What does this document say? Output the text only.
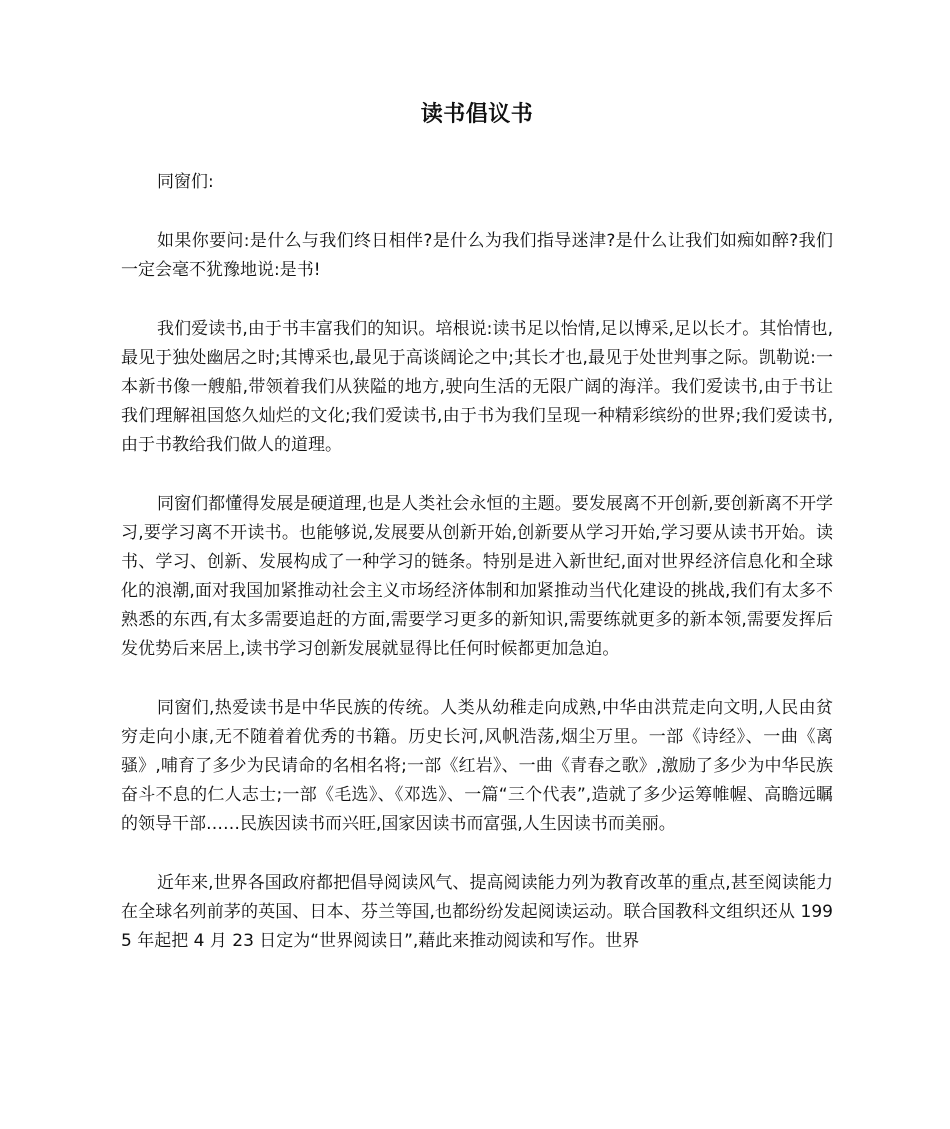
读书倡议书

同窗们:

如果你要问:是什么与我们终日相伴?是什么为我们指导迷津?是什么让我们如痴如醉?我们一定会毫不犹豫地说:是书!

我们爱读书,由于书丰富我们的知识。培根说:读书足以怡情,足以博采,足以长才。其怡情也,最见于独处幽居之时;其博采也,最见于高谈阔论之中;其长才也,最见于处世判事之际。凯勒说:一本新书像一艘船,带领着我们从狭隘的地方,驶向生活的无限广阔的海洋。我们爱读书,由于书让我们理解祖国悠久灿烂的文化;我们爱读书,由于书为我们呈现一种精彩缤纷的世界;我们爱读书,由于书教给我们做人的道理。

同窗们都懂得发展是硬道理,也是人类社会永恒的主题。要发展离不开创新,要创新离不开学习,要学习离不开读书。也能够说,发展要从创新开始,创新要从学习开始,学习要从读书开始。读书、学习、创新、发展构成了一种学习的链条。特别是进入新世纪,面对世界经济信息化和全球化的浪潮,面对我国加紧推动社会主义市场经济体制和加紧推动当代化建设的挑战,我们有太多不熟悉的东西,有太多需要追赶的方面,需要学习更多的新知识,需要练就更多的新本领,需要发挥后发优势后来居上,读书学习创新发展就显得比任何时候都更加急迫。

同窗们,热爱读书是中华民族的传统。人类从幼稚走向成熟,中华由洪荒走向文明,人民由贫穷走向小康,无不随着着优秀的书籍。历史长河,风帆浩荡,烟尘万里。一部《诗经》、一曲《离骚》,哺育了多少为民请命的名相名将;一部《红岩》、一曲《青春之歌》,激励了多少为中华民族奋斗不息的仁人志士;一部《毛选》、《邓选》、一篇“三个代表”,造就了多少运筹帷幄、高瞻远瞩的领导干部……民族因读书而兴旺,国家因读书而富强,人生因读书而美丽。

近年来,世界各国政府都把倡导阅读风气、提高阅读能力列为教育改革的重点,甚至阅读能力在全球名列前茅的英国、日本、芬兰等国,也都纷纷发起阅读运动。联合国教科文组织还从 1995 年起把 4 月 23 日定为“世界阅读日”,藉此来推动阅读和写作。世界
